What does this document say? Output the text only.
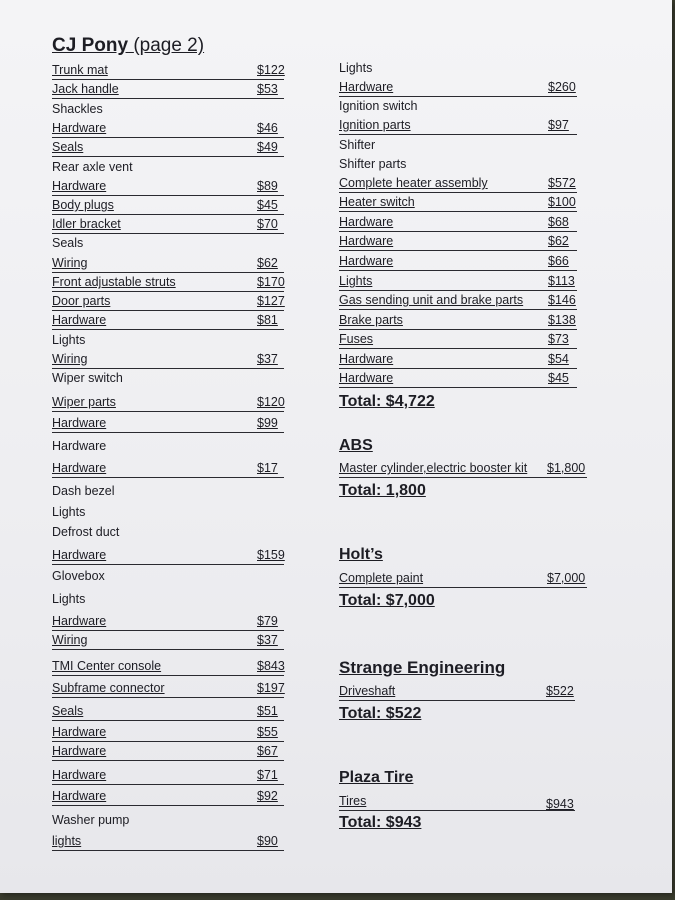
CJ Pony (page 2)
Trunk mat	$122
Jack handle	$53
Shackles
Hardware	$46
Seals	$49
Rear axle vent
Hardware	$89
Body plugs	$45
Idler bracket	$70
Seals
Wiring	$62
Front adjustable struts	$170
Door parts	$127
Hardware	$81
Lights
Wiring	$37
Wiper switch
Wiper parts	$120
Hardware	$99
Hardware
Hardware	$17
Dash bezel
Lights
Defrost duct
Hardware	$159
Glovebox
Lights
Hardware	$79
Wiring	$37
TMI Center console	$843
Subframe connector	$197
Seals	$51
Hardware	$55
Hardware	$67
Hardware	$71
Hardware	$92
Washer pump
lights	$90
Lights
Hardware	$260
Ignition switch
Ignition parts	$97
Shifter
Shifter parts
Complete heater assembly	$572
Heater switch	$100
Hardware	$68
Hardware	$62
Hardware	$66
Lights	$113
Gas sending unit and brake parts $146
Brake parts	$138
Fuses	$73
Hardware	$54
Hardware	$45
Total: $4,722
ABS
Master cylinder,electric booster kit $1,800
Total: 1,800
Holt’s
Complete paint	$7,000
Total: $7,000
Strange Engineering
Driveshaft	$522
Total: $522
Plaza Tire
Tires	$943
Total: $943
